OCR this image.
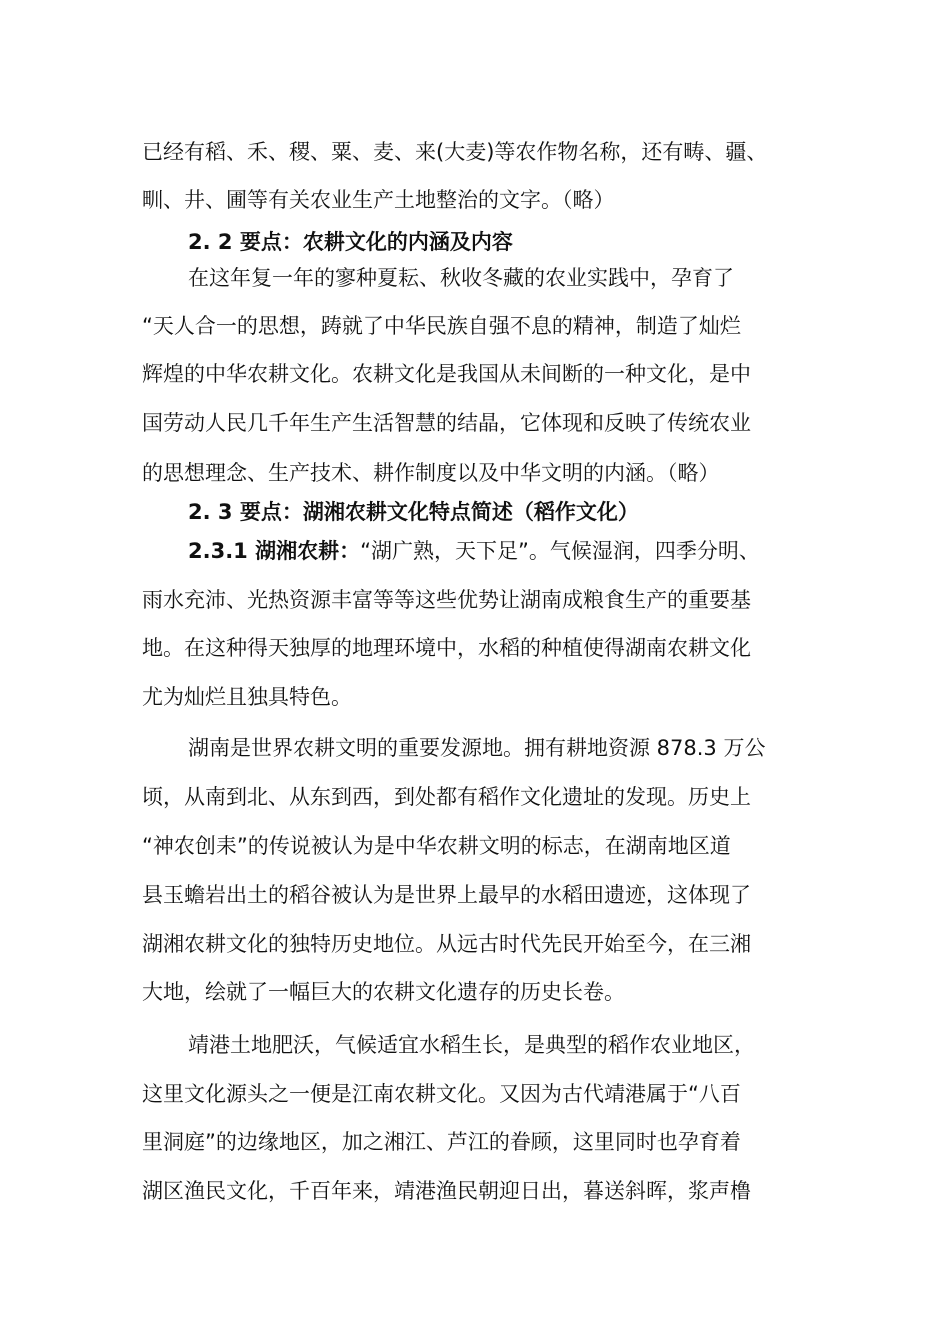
已经有稻、禾、稷、粟、麦、来(大麦)等农作物名称，还有畴、疆、
甽、井、圃等有关农业生产土地整治的文字。（略）
2. 2 要点：农耕文化的内涵及内容
在这年复一年的寥种夏耘、秋收冬藏的农业实践中，孕育了
“天人合一的思想，踌就了中华民族自强不息的精神，制造了灿烂
辉煌的中华农耕文化。农耕文化是我国从未间断的一种文化，是中
国劳动人民几千年生产生活智慧的结晶，它体现和反映了传统农业
的思想理念、生产技术、耕作制度以及中华文明的内涵。（略）
2. 3 要点：湖湘农耕文化特点简述（稻作文化）
2.3.1 湖湘农耕：“湖广熟，天下足”。气候湿润，四季分明、
雨水充沛、光热资源丰富等等这些优势让湖南成粮食生产的重要基
地。在这种得天独厚的地理环境中，水稻的种植使得湖南农耕文化
尤为灿烂且独具特色。
湖南是世界农耕文明的重要发源地。拥有耕地资源 878.3 万公
顷，从南到北、从东到西，到处都有稻作文化遗址的发现。历史上
“神农创耒”的传说被认为是中华农耕文明的标志，在湖南地区道
县玉蟾岩出土的稻谷被认为是世界上最早的水稻田遗迹，这体现了
湖湘农耕文化的独特历史地位。从远古时代先民开始至今，在三湘
大地，绘就了一幅巨大的农耕文化遗存的历史长卷。
靖港土地肥沃，气候适宜水稻生长，是典型的稻作农业地区，
这里文化源头之一便是江南农耕文化。又因为古代靖港属于“八百
里洞庭”的边缘地区，加之湘江、芦江的眷顾，这里同时也孕育着
湖区渔民文化，千百年来，靖港渔民朝迎日出，暮送斜晖，浆声橹
